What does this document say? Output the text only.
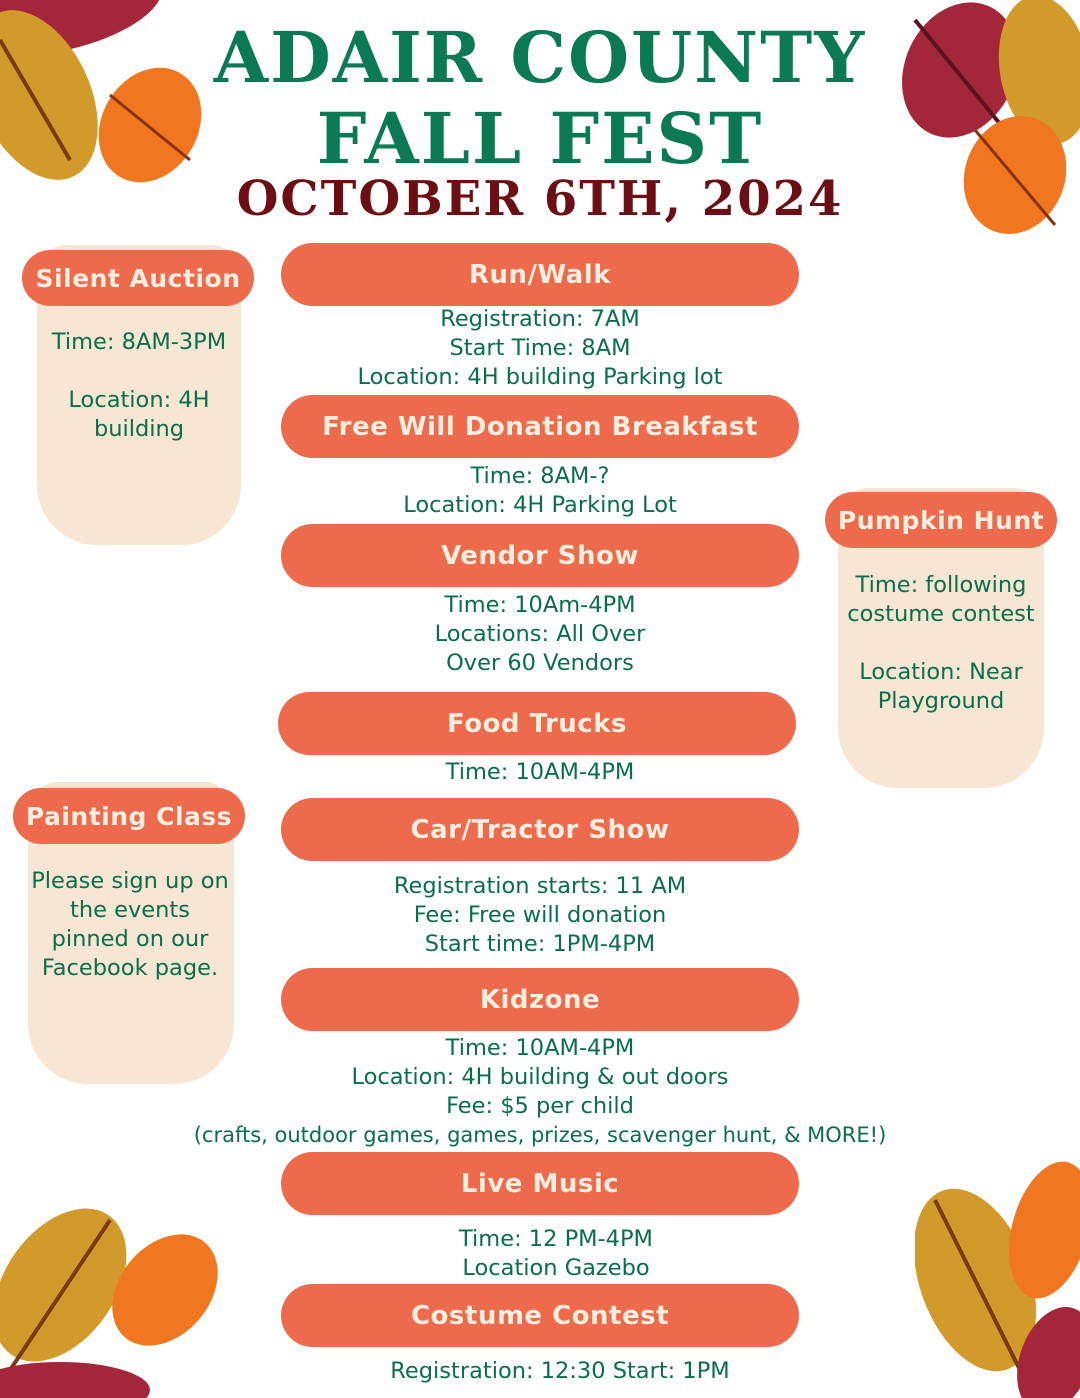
ADAIR COUNTY
FALL FEST
OCTOBER 6TH, 2024
Silent Auction
Time: 8AM-3PM
Location: 4H
building
Pumpkin Hunt
Time: following
costume contest
Location: Near
Playground
Painting Class
Please sign up on
the events
pinned on our
Facebook page.
Run/Walk
Registration: 7AM
Start Time: 8AM
Location: 4H building Parking lot
Free Will Donation Breakfast
Time: 8AM-?
Location: 4H Parking Lot
Vendor Show
Time: 10Am-4PM
Locations: All Over
Over 60 Vendors
Food Trucks
Time: 10AM-4PM
Car/Tractor Show
Registration starts: 11 AM
Fee: Free will donation
Start time: 1PM-4PM
Kidzone
Time: 10AM-4PM
Location: 4H building & out doors
Fee: $5 per child
(crafts, outdoor games, games, prizes, scavenger hunt, & MORE!)
Live Music
Time: 12 PM-4PM
Location Gazebo
Costume Contest
Registration: 12:30 Start: 1PM
